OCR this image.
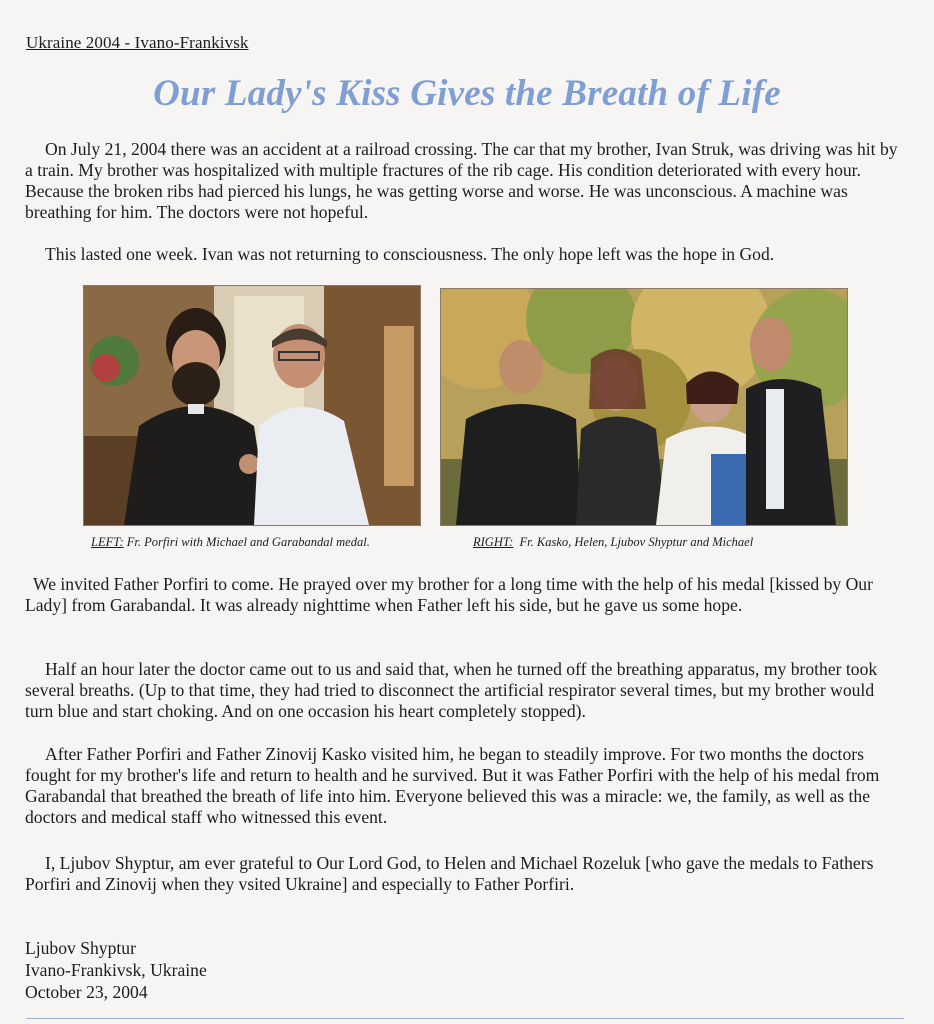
Ukraine 2004 - Ivano-Frankivsk
Our Lady's Kiss Gives the Breath of Life

On July 21, 2004 there was an accident at a railroad crossing. The car that my brother, Ivan Struk, was driving was hit by a train. My brother was hospitalized with multiple fractures of the rib cage. His condition deteriorated with every hour. Because the broken ribs had pierced his lungs, he was getting worse and worse. He was unconscious. A machine was breathing for him. The doctors were not hopeful.

This lasted one week. Ivan was not returning to consciousness. The only hope left was the hope in God.

LEFT: Fr. Porfiri with Michael and Garabandal medal.	RIGHT:  Fr. Kasko, Helen, Ljubov Shyptur and Michael

We invited Father Porfiri to come. He prayed over my brother for a long time with the help of his medal [kissed by Our Lady] from Garabandal. It was already nighttime when Father left his side, but he gave us some hope.

Half an hour later the doctor came out to us and said that, when he turned off the breathing apparatus, my brother took several breaths. (Up to that time, they had tried to disconnect the artificial respirator several times, but my brother would turn blue and start choking. And on one occasion his heart completely stopped).

After Father Porfiri and Father Zinovij Kasko visited him, he began to steadily improve. For two months the doctors fought for my brother's life and return to health and he survived. But it was Father Porfiri with the help of his medal from Garabandal that breathed the breath of life into him. Everyone believed this was a miracle: we, the family, as well as the doctors and medical staff who witnessed this event.

I, Ljubov Shyptur, am ever grateful to Our Lord God, to Helen and Michael Rozeluk [who gave the medals to Fathers Porfiri and Zinovij when they vsited Ukraine] and especially to Father Porfiri.

Ljubov Shyptur
Ivano-Frankivsk, Ukraine
October 23, 2004
